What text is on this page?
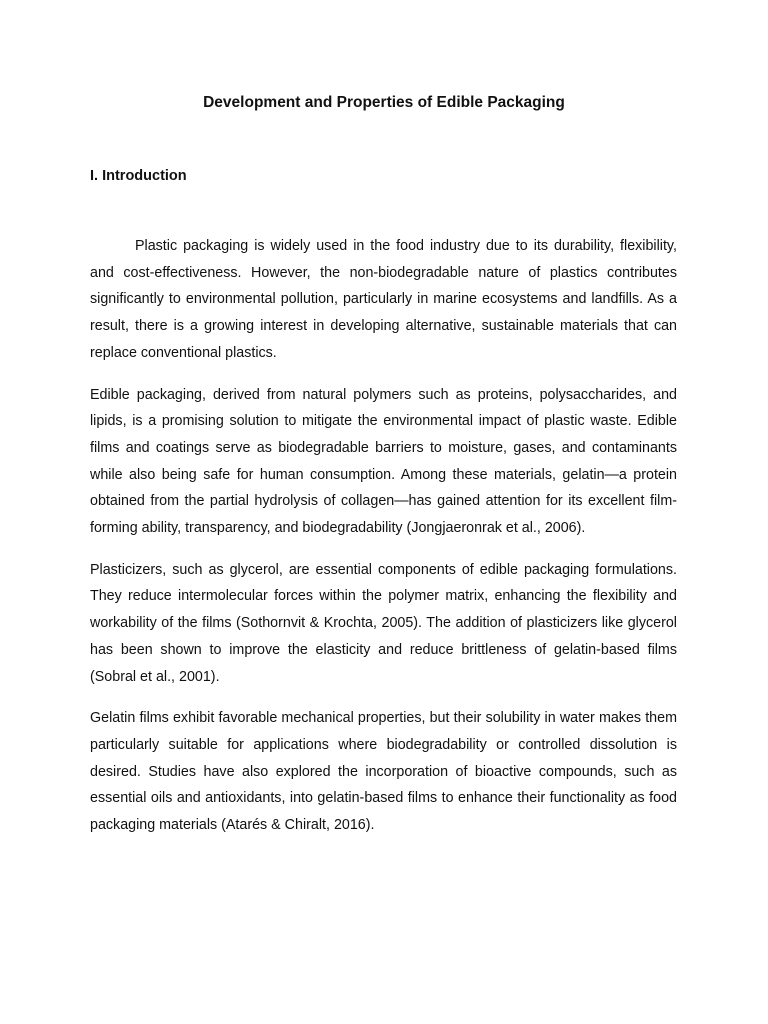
Development and Properties of Edible Packaging
I. Introduction

Plastic packaging is widely used in the food industry due to its durability, flexibility, and cost-effectiveness. However, the non-biodegradable nature of plastics contributes significantly to environmental pollution, particularly in marine ecosystems and landfills. As a result, there is a growing interest in developing alternative, sustainable materials that can replace conventional plastics.

Edible packaging, derived from natural polymers such as proteins, polysaccharides, and lipids, is a promising solution to mitigate the environmental impact of plastic waste. Edible films and coatings serve as biodegradable barriers to moisture, gases, and contaminants while also being safe for human consumption. Among these materials, gelatin—a protein obtained from the partial hydrolysis of collagen—has gained attention for its excellent film-forming ability, transparency, and biodegradability (Jongjaeronrak et al., 2006).

Plasticizers, such as glycerol, are essential components of edible packaging formulations. They reduce intermolecular forces within the polymer matrix, enhancing the flexibility and workability of the films (Sothornvit & Krochta, 2005). The addition of plasticizers like glycerol has been shown to improve the elasticity and reduce brittleness of gelatin-based films (Sobral et al., 2001).

Gelatin films exhibit favorable mechanical properties, but their solubility in water makes them particularly suitable for applications where biodegradability or controlled dissolution is desired. Studies have also explored the incorporation of bioactive compounds, such as essential oils and antioxidants, into gelatin-based films to enhance their functionality as food packaging materials (Atarés & Chiralt, 2016).
